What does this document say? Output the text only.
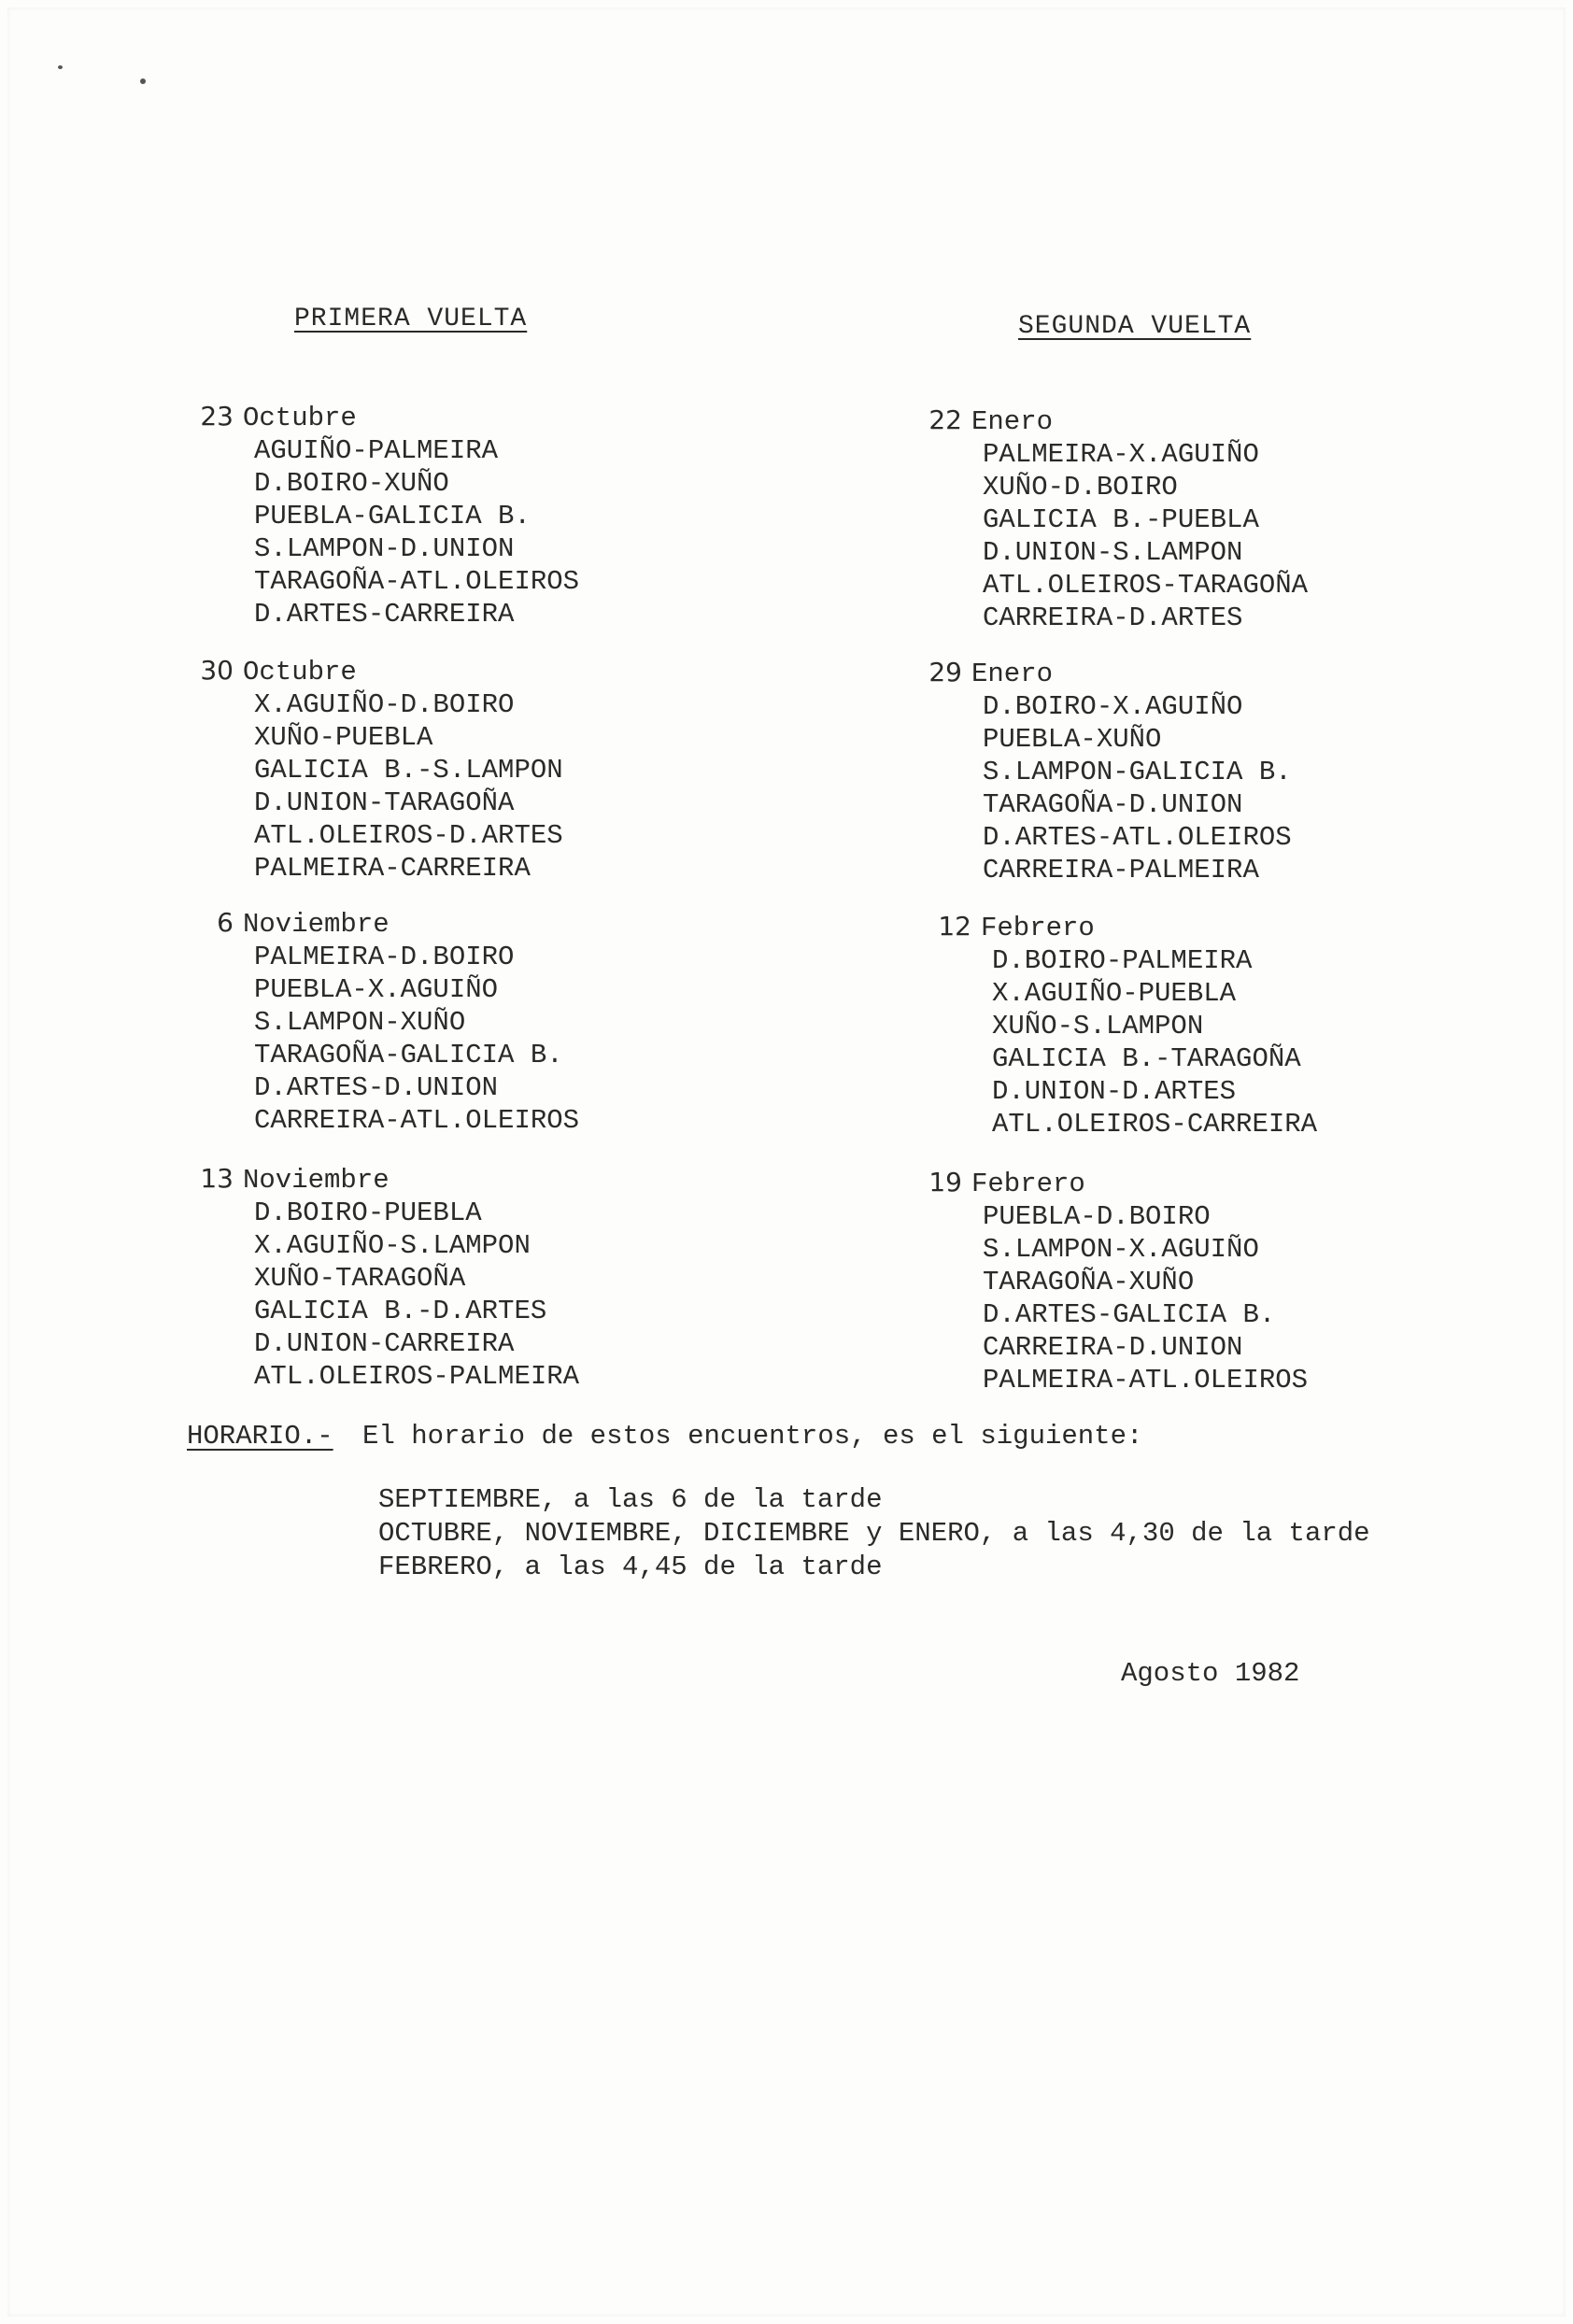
PRIMERA VUELTA	SEGUNDA VUELTA
23 Octubre
AGUIÑO-PALMEIRA
D.BOIRO-XUÑO
PUEBLA-GALICIA B.
S.LAMPON-D.UNION
TARAGOÑA-ATL.OLEIROS
D.ARTES-CARREIRA
30 Octubre
X.AGUIÑO-D.BOIRO
XUÑO-PUEBLA
GALICIA B.-S.LAMPON
D.UNION-TARAGOÑA
ATL.OLEIROS-D.ARTES
PALMEIRA-CARREIRA
6 Noviembre
PALMEIRA-D.BOIRO
PUEBLA-X.AGUIÑO
S.LAMPON-XUÑO
TARAGOÑA-GALICIA B.
D.ARTES-D.UNION
CARREIRA-ATL.OLEIROS
13 Noviembre
D.BOIRO-PUEBLA
X.AGUIÑO-S.LAMPON
XUÑO-TARAGOÑA
GALICIA B.-D.ARTES
D.UNION-CARREIRA
ATL.OLEIROS-PALMEIRA
22 Enero
PALMEIRA-X.AGUIÑO
XUÑO-D.BOIRO
GALICIA B.-PUEBLA
D.UNION-S.LAMPON
ATL.OLEIROS-TARAGOÑA
CARREIRA-D.ARTES
29 Enero
D.BOIRO-X.AGUIÑO
PUEBLA-XUÑO
S.LAMPON-GALICIA B.
TARAGOÑA-D.UNION
D.ARTES-ATL.OLEIROS
CARREIRA-PALMEIRA
12 Febrero
D.BOIRO-PALMEIRA
X.AGUIÑO-PUEBLA
XUÑO-S.LAMPON
GALICIA B.-TARAGOÑA
D.UNION-D.ARTES
ATL.OLEIROS-CARREIRA
19 Febrero
PUEBLA-D.BOIRO
S.LAMPON-X.AGUIÑO
TARAGOÑA-XUÑO
D.ARTES-GALICIA B.
CARREIRA-D.UNION
PALMEIRA-ATL.OLEIROS
HORARIO.- El horario de estos encuentros, es el siguiente:
SEPTIEMBRE, a las 6 de la tarde
OCTUBRE, NOVIEMBRE, DICIEMBRE y ENERO, a las 4,30 de la tarde
FEBRERO, a las 4,45 de la tarde
Agosto 1982
